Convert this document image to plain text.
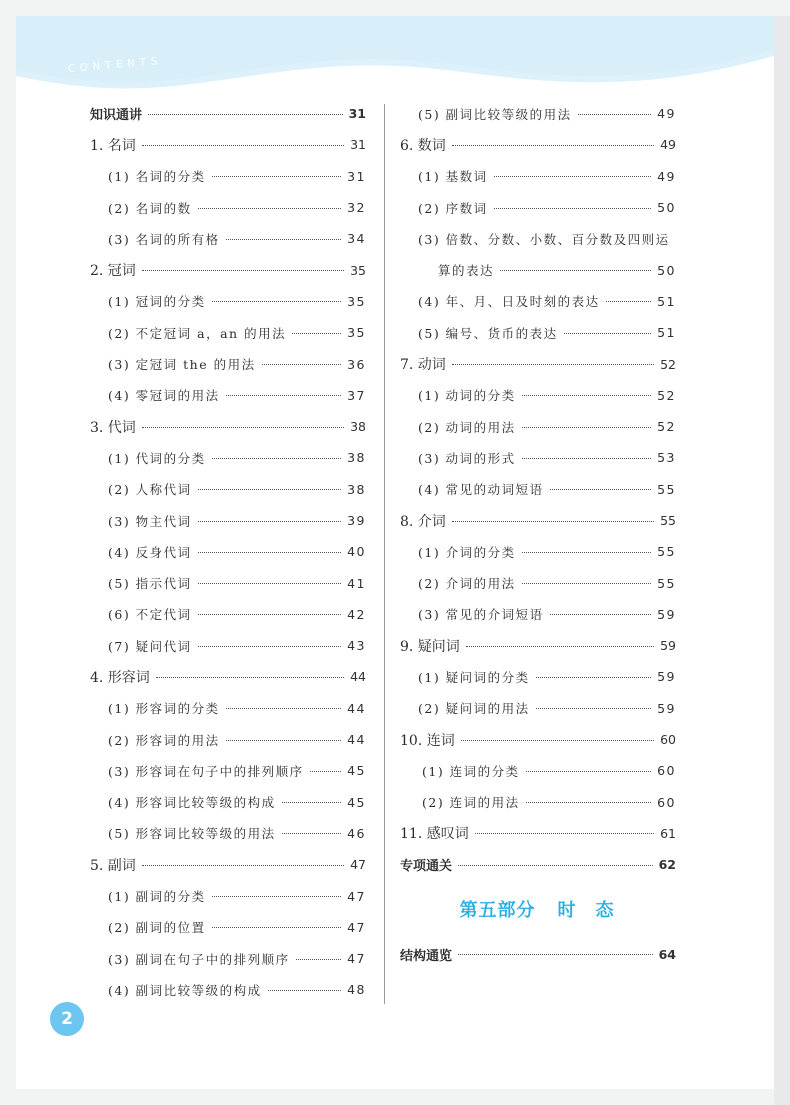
CONTENTS
知识通讲	31
1. 名词	31
(1) 名词的分类	31
(2) 名词的数	32
(3) 名词的所有格	34
2. 冠词	35
(1) 冠词的分类	35
(2) 不定冠词 a，an 的用法	35
(3) 定冠词 the 的用法	36
(4) 零冠词的用法	37
3. 代词	38
(1) 代词的分类	38
(2) 人称代词	38
(3) 物主代词	39
(4) 反身代词	40
(5) 指示代词	41
(6) 不定代词	42
(7) 疑问代词	43
4. 形容词	44
(1) 形容词的分类	44
(2) 形容词的用法	44
(3) 形容词在句子中的排列顺序	45
(4) 形容词比较等级的构成	45
(5) 形容词比较等级的用法	46
5. 副词	47
(1) 副词的分类	47
(2) 副词的位置	47
(3) 副词在句子中的排列顺序	47
(4) 副词比较等级的构成	48
(5) 副词比较等级的用法	49
6. 数词	49
(1) 基数词	49
(2) 序数词	50
(3) 倍数、分数、小数、百分数及四则运
算的表达	50
(4) 年、月、日及时刻的表达	51
(5) 编号、货币的表达	51
7. 动词	52
(1) 动词的分类	52
(2) 动词的用法	52
(3) 动词的形式	53
(4) 常见的动词短语	55
8. 介词	55
(1) 介词的分类	55
(2) 介词的用法	55
(3) 常见的介词短语	59
9. 疑问词	59
(1) 疑问词的分类	59
(2) 疑问词的用法	59
10. 连词	60
(1) 连词的分类	60
(2) 连词的用法	60
11. 感叹词	61
专项通关	62
第五部分 时　态
结构通览	64
2
